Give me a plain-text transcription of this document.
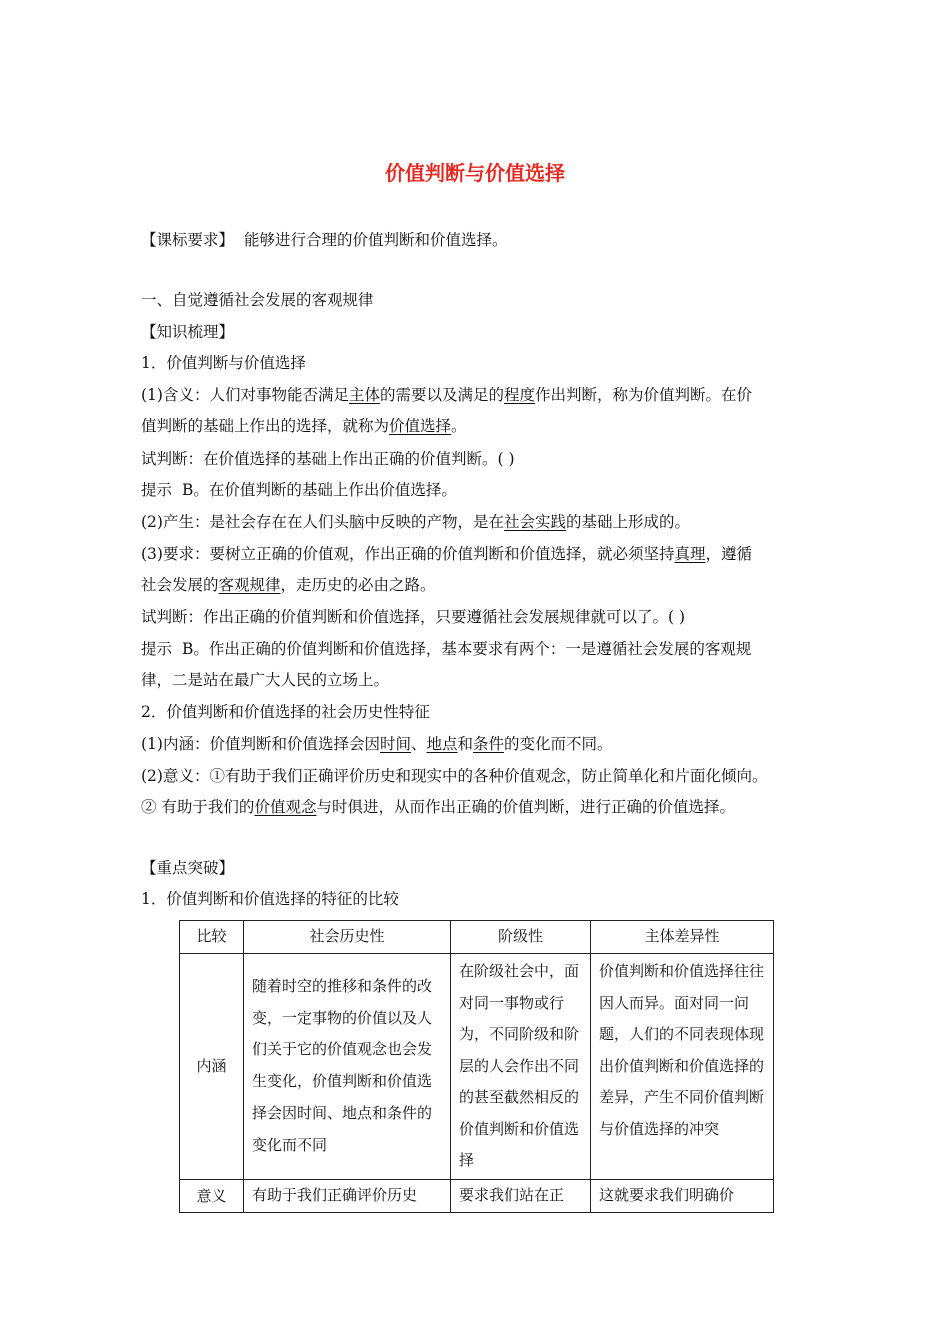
价值判断与价值选择

【课标要求】 能够进行合理的价值判断和价值选择。

一、自觉遵循社会发展的客观规律

【知识梳理】

1．价值判断与价值选择

(1)含义：人们对事物能否满足主体的需要以及满足的程度作出判断，称为价值判断。在价

值判断的基础上作出的选择，就称为价值选择。

试判断：在价值选择的基础上作出正确的价值判断。( )

提示 B。在价值判断的基础上作出价值选择。

(2)产生：是社会存在在人们头脑中反映的产物，是在社会实践的基础上形成的。

(3)要求：要树立正确的价值观，作出正确的价值判断和价值选择，就必须坚持真理，遵循

社会发展的客观规律，走历史的必由之路。

试判断：作出正确的价值判断和价值选择，只要遵循社会发展规律就可以了。( )

提示 B。作出正确的价值判断和价值选择，基本要求有两个：一是遵循社会发展的客观规

律，二是站在最广大人民的立场上。

2．价值判断和价值选择的社会历史性特征

(1)内涵：价值判断和价值选择会因时间、地点和条件的变化而不同。

(2)意义：①有助于我们正确评价历史和现实中的各种价值观念，防止简单化和片面化倾向。

② 有助于我们的价值观念与时俱进，从而作出正确的价值判断，进行正确的价值选择。

【重点突破】

1．价值判断和价值选择的特征的比较

比较	社会历史性	阶级性	主体差异性
内涵	随着时空的推移和条件的改变，一定事物的价值以及人们关于它的价值观念也会发生变化，价值判断和价值选择会因时间、地点和条件的变化而不同	在阶级社会中，面对同一事物或行为，不同阶级和阶层的人会作出不同的甚至截然相反的价值判断和价值选择	价值判断和价值选择往往因人而异。面对同一问题，人们的不同表现体现出价值判断和价值选择的差异，产生不同价值判断与价值选择的冲突
意义	有助于我们正确评价历史	要求我们站在正	这就要求我们明确价
